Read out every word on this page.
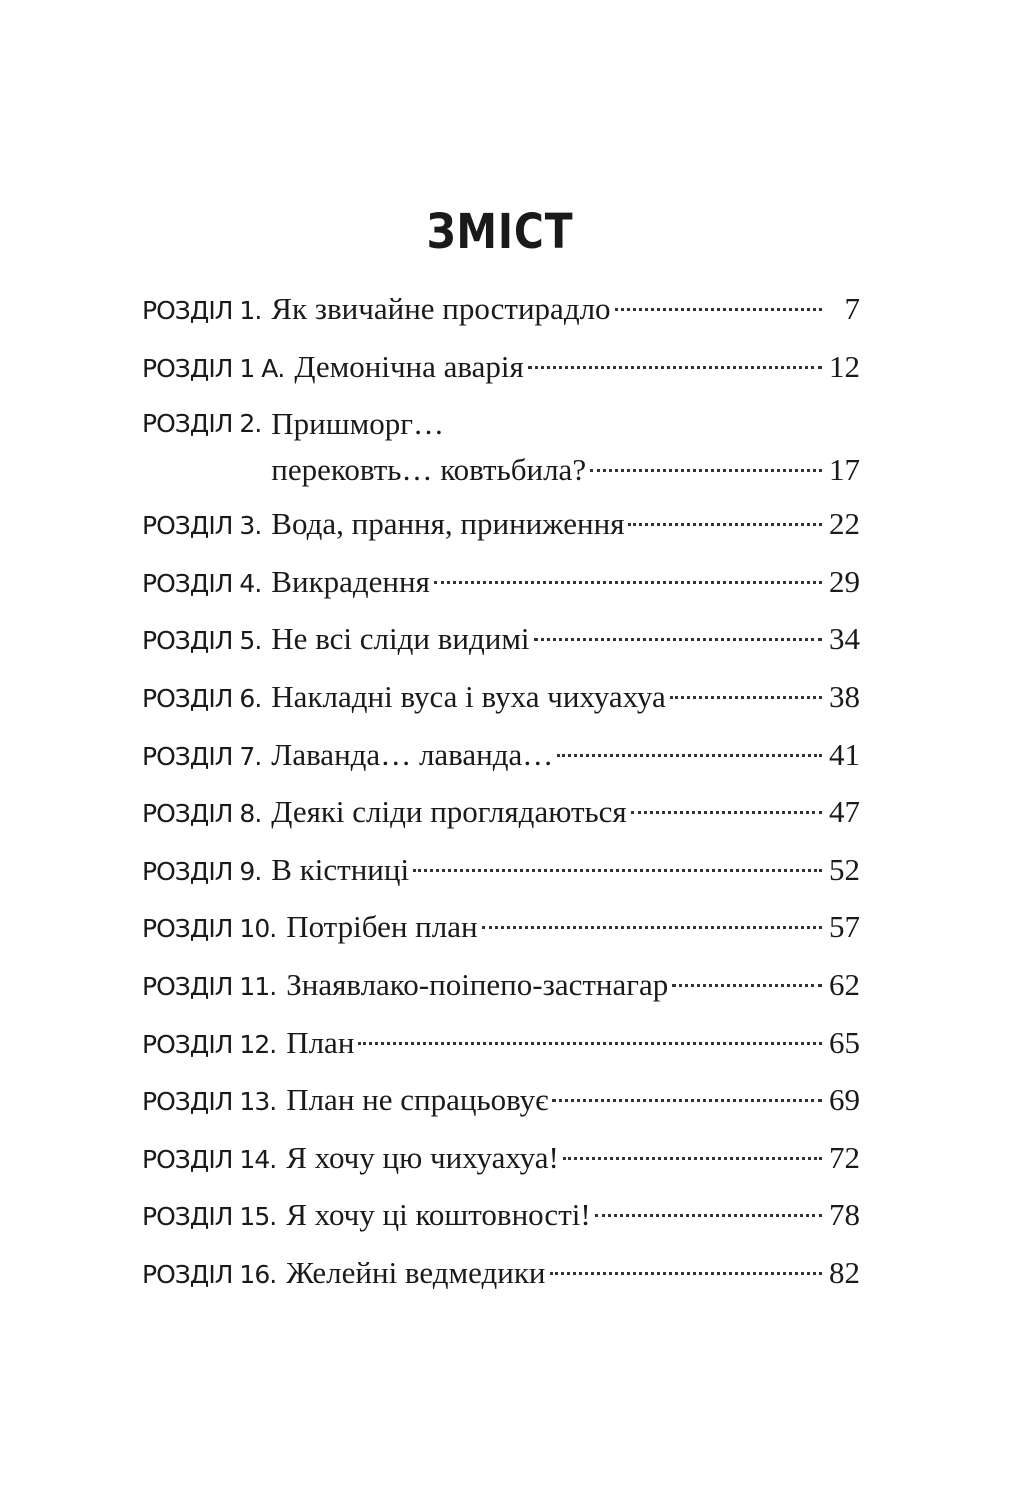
ЗМІСТ
РОЗДІЛ 1. Як звичайне простирадло	7
РОЗДІЛ 1 А. Демонічна аварія	12
РОЗДІЛ 2. Пришморг…
перековть… ковтьбила?	17
РОЗДІЛ 3. Вода, прання, приниження	22
РОЗДІЛ 4. Викрадення	29
РОЗДІЛ 5. Не всі сліди видимі	34
РОЗДІЛ 6. Накладні вуса і вуха чихуахуа	38
РОЗДІЛ 7. Лаванда… лаванда…	41
РОЗДІЛ 8. Деякі сліди проглядаються	47
РОЗДІЛ 9. В кістниці	52
РОЗДІЛ 10. Потрібен план	57
РОЗДІЛ 11. Знаявлако-поіпепо-застнагар	62
РОЗДІЛ 12. План	65
РОЗДІЛ 13. План не спрацьовує	69
РОЗДІЛ 14. Я хочу цю чихуахуа!	72
РОЗДІЛ 15. Я хочу ці коштовності!	78
РОЗДІЛ 16. Желейні ведмедики	82
